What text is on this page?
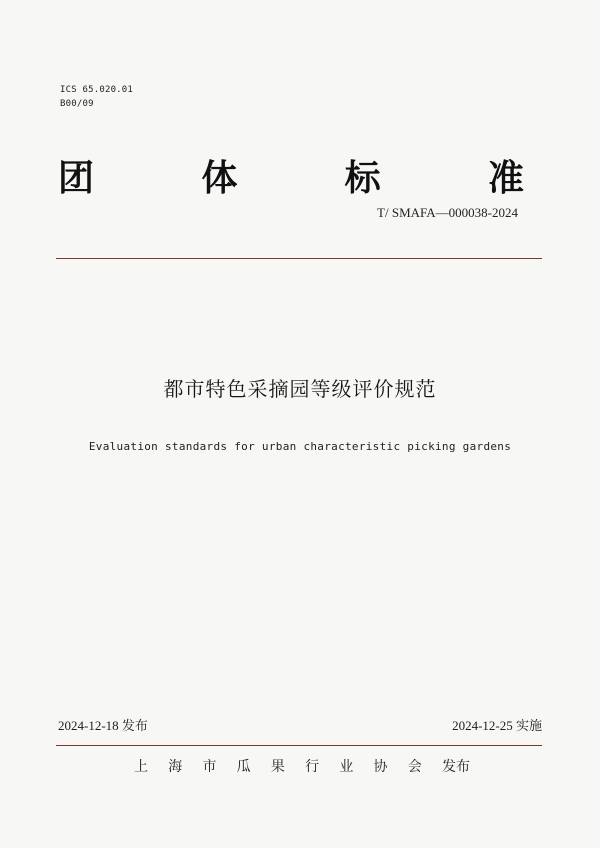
ICS 65.020.01
B00/09
团	体	标	准
T/ SMAFA—000038-2024
都市特色采摘园等级评价规范
Evaluation standards for urban characteristic picking gardens
2024-12-18 发布	2024-12-25 实施
上 海 市 瓜 果 行 业 协 会 发布
